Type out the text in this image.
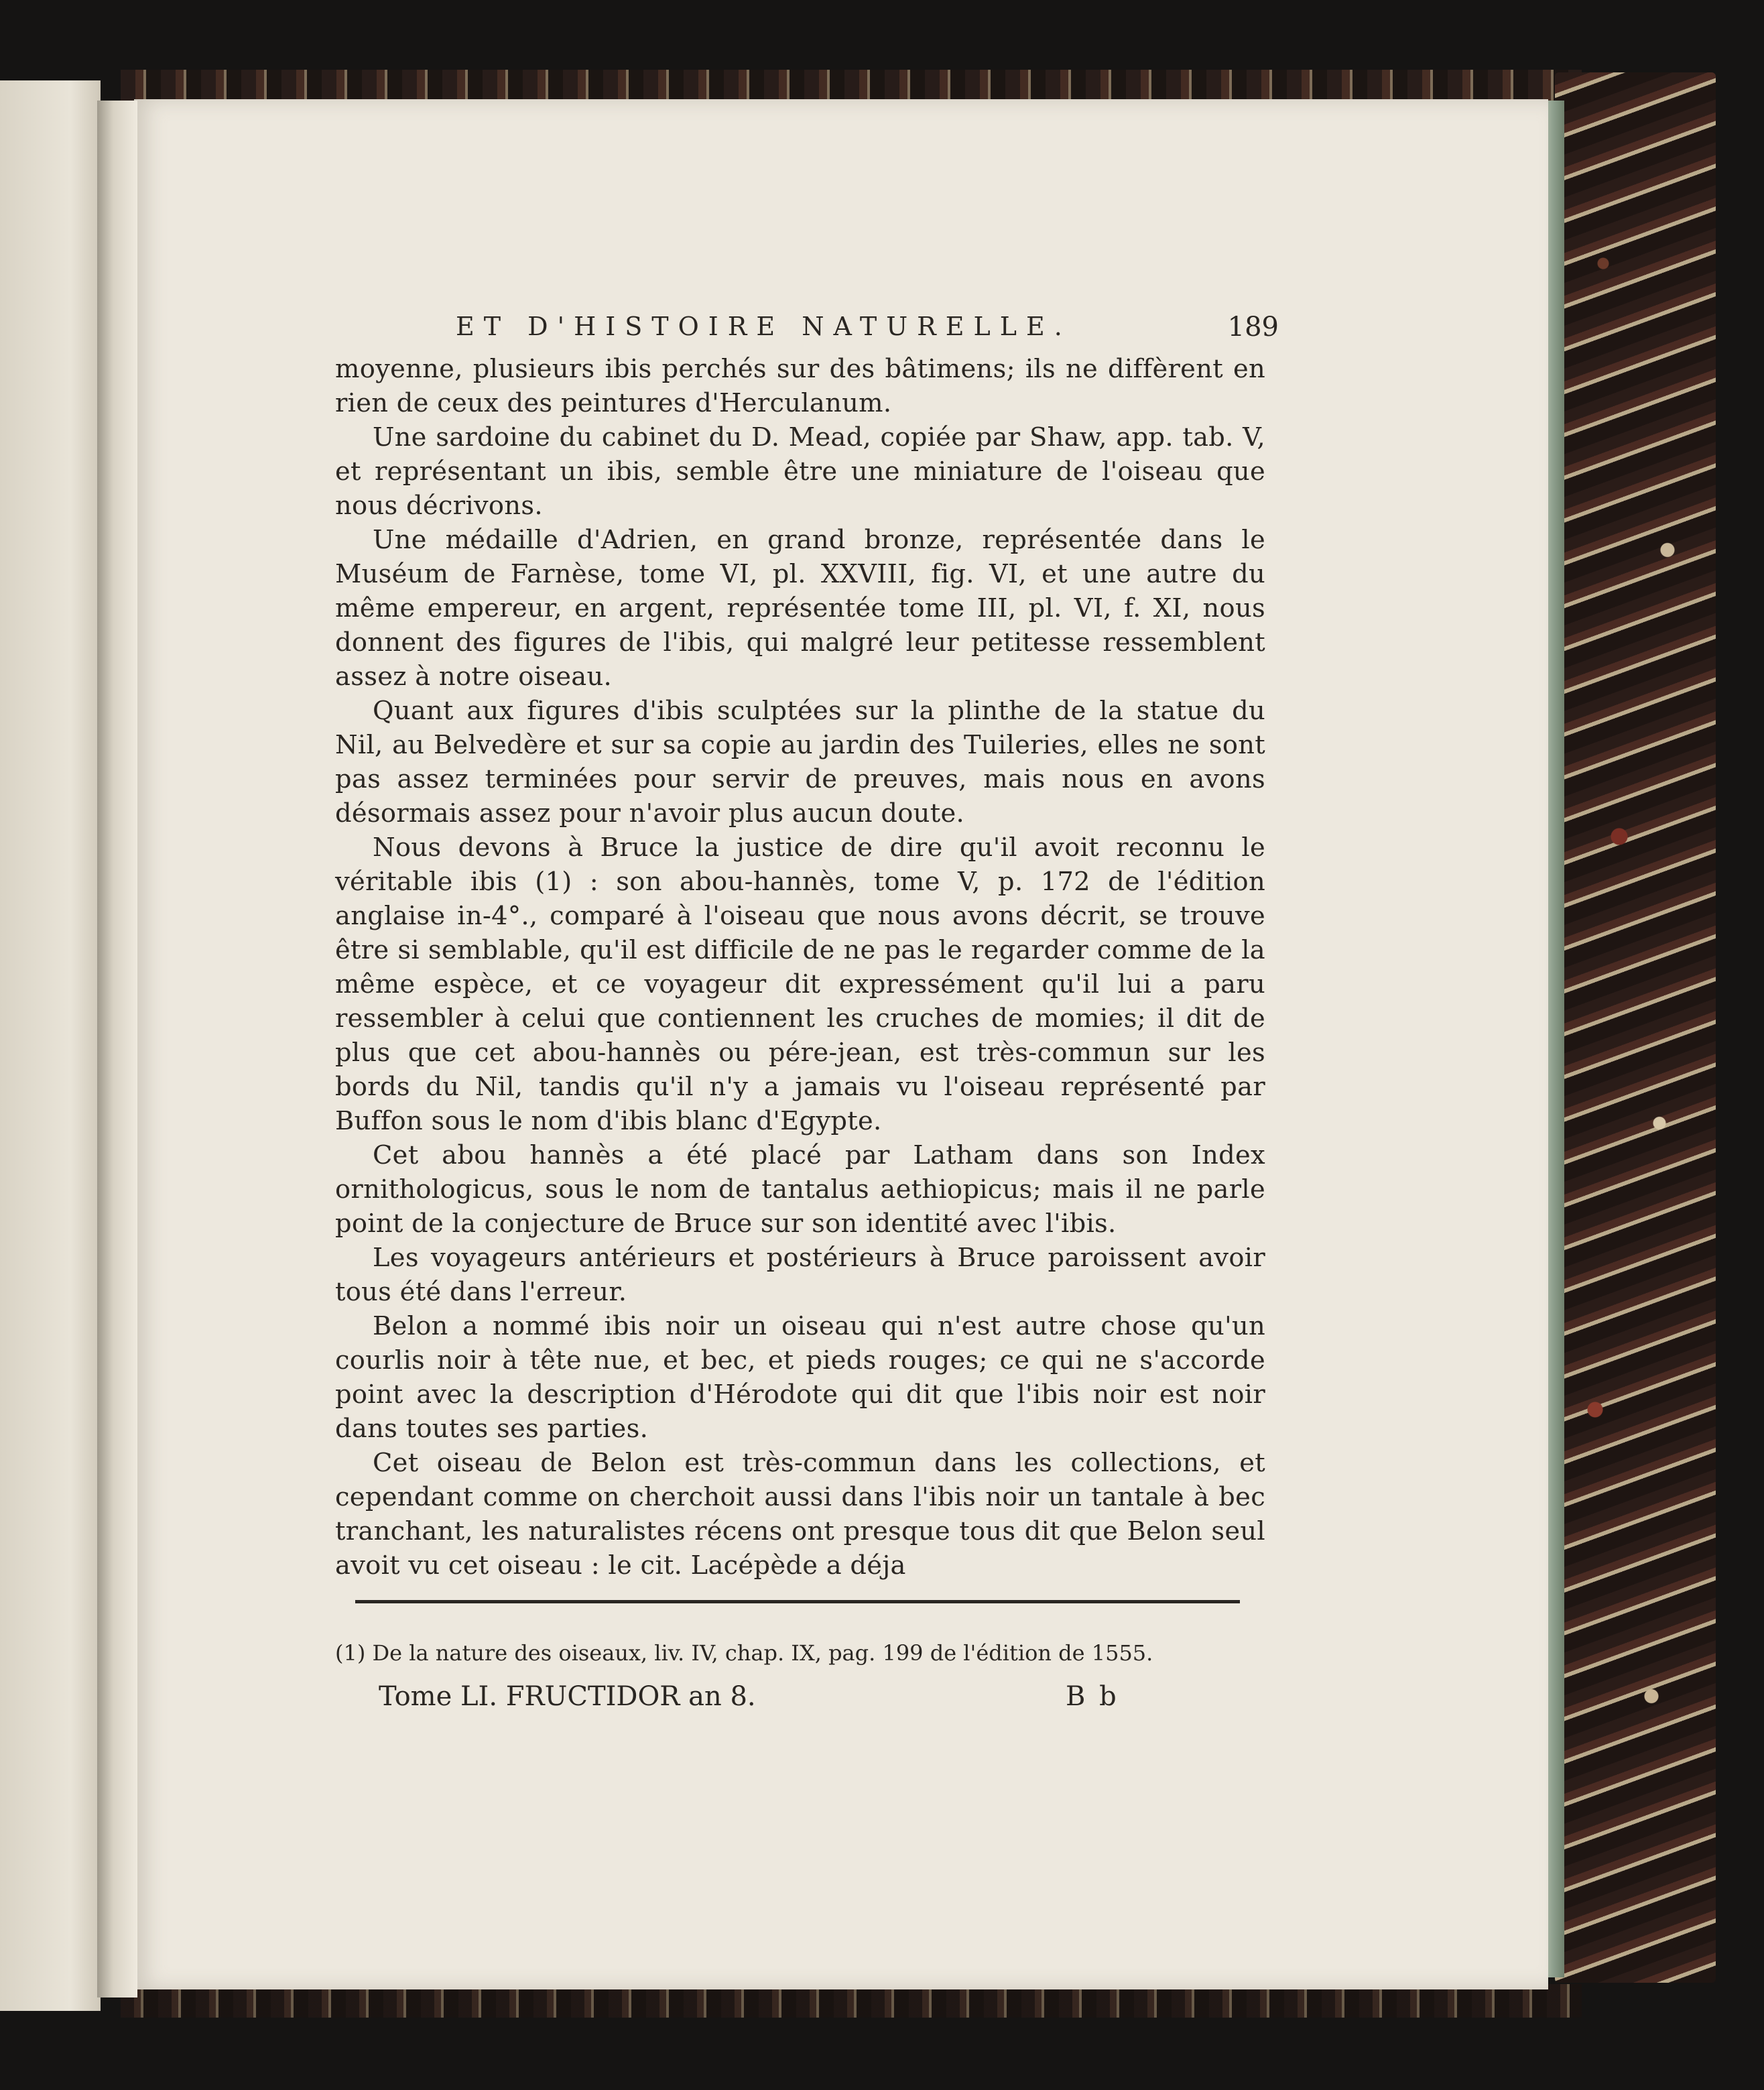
ET D'HISTOIRE NATURELLE.	189

moyenne, plusieurs ibis perchés sur des bâtimens; ils ne diffèrent en rien de ceux des peintures d'Herculanum.

Une sardoine du cabinet du D. Mead, copiée par Shaw, app. tab. V, et représentant un ibis, semble être une miniature de l'oiseau que nous décrivons.

Une médaille d'Adrien, en grand bronze, représentée dans le Muséum de Farnèse, tome VI, pl. XXVIII, fig. VI, et une autre du même empereur, en argent, représentée tome III, pl. VI, f. XI, nous donnent des figures de l'ibis, qui malgré leur petitesse ressemblent assez à notre oiseau.

Quant aux figures d'ibis sculptées sur la plinthe de la statue du Nil, au Belvedère et sur sa copie au jardin des Tuileries, elles ne sont pas assez terminées pour servir de preuves, mais nous en avons désormais assez pour n'avoir plus aucun doute.

Nous devons à Bruce la justice de dire qu'il avoit reconnu le véritable ibis (1) : son abou-hannès, tome V, p. 172 de l'édition anglaise in-4°., comparé à l'oiseau que nous avons décrit, se trouve être si semblable, qu'il est difficile de ne pas le regarder comme de la même espèce, et ce voyageur dit expressément qu'il lui a paru ressembler à celui que contiennent les cruches de momies; il dit de plus que cet abou-hannès ou pére-jean, est très-commun sur les bords du Nil, tandis qu'il n'y a jamais vu l'oiseau représenté par Buffon sous le nom d'ibis blanc d'Egypte.

Cet abou hannès a été placé par Latham dans son Index ornithologicus, sous le nom de tantalus aethiopicus; mais il ne parle point de la conjecture de Bruce sur son identité avec l'ibis.

Les voyageurs antérieurs et postérieurs à Bruce paroissent avoir tous été dans l'erreur.

Belon a nommé ibis noir un oiseau qui n'est autre chose qu'un courlis noir à tête nue, et bec, et pieds rouges; ce qui ne s'accorde point avec la description d'Hérodote qui dit que l'ibis noir est noir dans toutes ses parties.

Cet oiseau de Belon est très-commun dans les collections, et cependant comme on cherchoit aussi dans l'ibis noir un tantale à bec tranchant, les naturalistes récens ont presque tous dit que Belon seul avoit vu cet oiseau : le cit. Lacépède a déja

(1) De la nature des oiseaux, liv. IV, chap. IX, pag. 199 de l'édition de 1555.
Tome LI. FRUCTIDOR an 8.	B b
